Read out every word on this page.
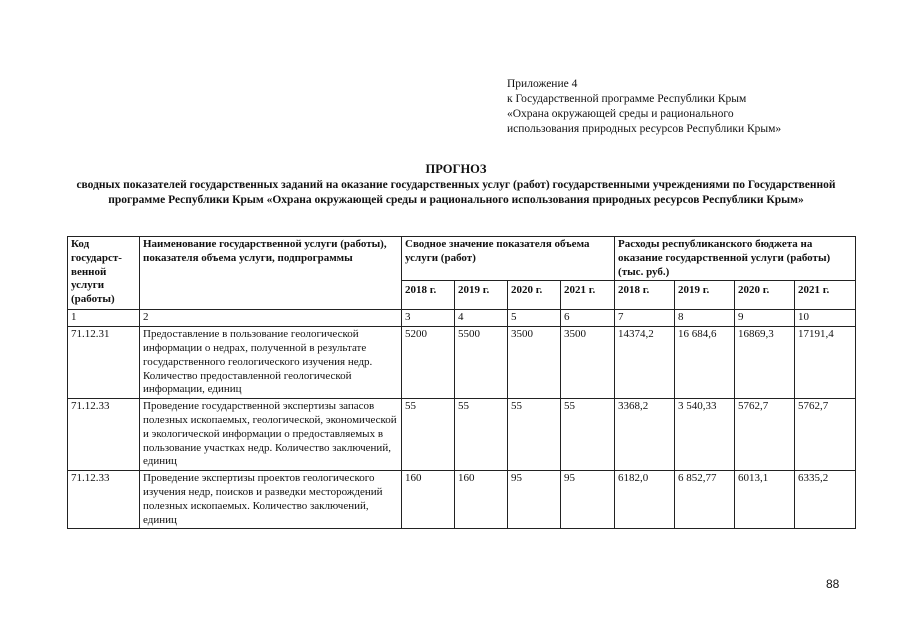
Приложение 4
к Государственной программе Республики Крым
«Охрана окружающей среды и рационального
использования природных ресурсов Республики Крым»
ПРОГНОЗ
сводных показателей государственных заданий на оказание государственных услуг (работ) государственными учреждениями по Государственной программе Республики Крым «Охрана окружающей среды и рационального использования природных ресурсов Республики Крым»
Код государст-венной услуги (работы)	Наименование государственной услуги (работы), показателя объема услуги, подпрограммы	Сводное значение показателя объема услуги (работ)				Расходы республиканского бюджета на оказание государственной услуги (работы) (тыс. руб.)			
		2018 г.	2019 г.	2020 г.	2021 г.	2018 г.	2019 г.	2020 г.	2021 г.
1	2	3	4	5	6	7	8	9	10
71.12.31	Предоставление в пользование геологической информации о недрах, полученной в результате государственного геологического изучения недр. Количество предоставленной геологической информации, единиц	5200	5500	3500	3500	14374,2	16 684,6	16869,3	17191,4
71.12.33	Проведение государственной экспертизы запасов полезных ископаемых, геологической, экономической и экологической информации о предоставляемых в пользование участках недр. Количество заключений, единиц	55	55	55	55	3368,2	3 540,33	5762,7	5762,7
71.12.33	Проведение экспертизы проектов геологического изучения недр, поисков и разведки месторождений полезных ископаемых. Количество заключений, единиц	160	160	95	95	6182,0	6 852,77	6013,1	6335,2
88
